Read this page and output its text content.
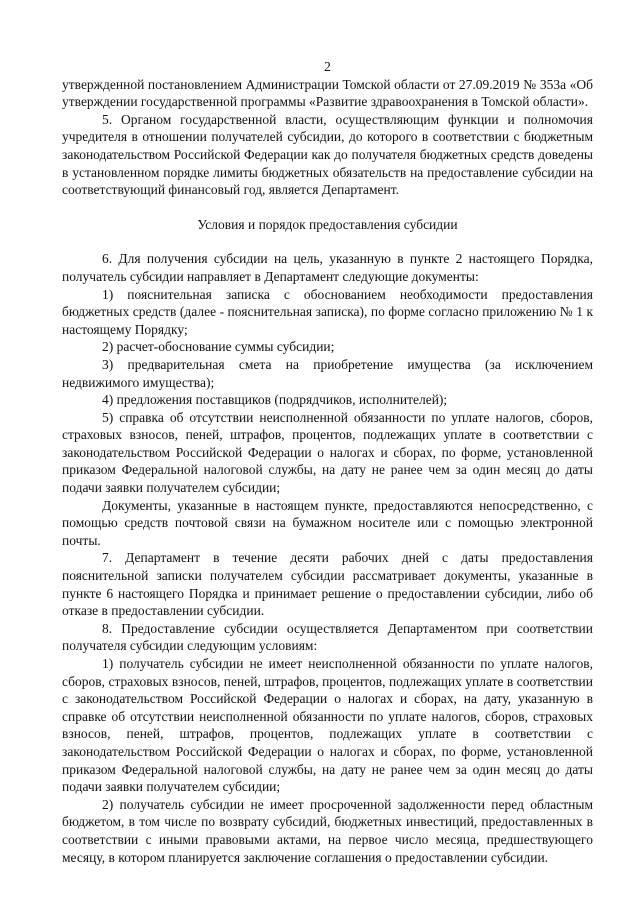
2

утвержденной постановлением Администрации Томской области от 27.09.2019 № 353а «Об утверждении государственной программы «Развитие здравоохранения в Томской области».

5. Органом государственной власти, осуществляющим функции и полномочия учредителя в отношении получателей субсидии, до которого в соответствии с бюджетным законодательством Российской Федерации как до получателя бюджетных средств доведены в установленном порядке лимиты бюджетных обязательств на предоставление субсидии на соответствующий финансовый год, является Департамент.

Условия и порядок предоставления субсидии

6. Для получения субсидии на цель, указанную в пункте 2 настоящего Порядка, получатель субсидии направляет в Департамент следующие документы:

1) пояснительная записка с обоснованием необходимости предоставления бюджетных средств (далее - пояснительная записка), по форме согласно приложению № 1 к настоящему Порядку;

2) расчет-обоснование суммы субсидии;

3) предварительная смета на приобретение имущества (за исключением недвижимого имущества);

4) предложения поставщиков (подрядчиков, исполнителей);

5) справка об отсутствии неисполненной обязанности по уплате налогов, сборов, страховых взносов, пеней, штрафов, процентов, подлежащих уплате в соответствии с законодательством Российской Федерации о налогах и сборах, по форме, установленной приказом Федеральной налоговой службы, на дату не ранее чем за один месяц до даты подачи заявки получателем субсидии;

Документы, указанные в настоящем пункте, предоставляются непосредственно, с помощью средств почтовой связи на бумажном носителе или с помощью электронной почты.

7. Департамент в течение десяти рабочих дней с даты предоставления пояснительной записки получателем субсидии рассматривает документы, указанные в пункте 6 настоящего Порядка и принимает решение о предоставлении субсидии, либо об отказе в предоставлении субсидии.

8. Предоставление субсидии осуществляется Департаментом при соответствии получателя субсидии следующим условиям:

1) получатель субсидии не имеет неисполненной обязанности по уплате налогов, сборов, страховых взносов, пеней, штрафов, процентов, подлежащих уплате в соответствии с законодательством Российской Федерации о налогах и сборах, на дату, указанную в справке об отсутствии неисполненной обязанности по уплате налогов, сборов, страховых взносов, пеней, штрафов, процентов, подлежащих уплате в соответствии с законодательством Российской Федерации о налогах и сборах, по форме, установленной приказом Федеральной налоговой службы, на дату не ранее чем за один месяц до даты подачи заявки получателем субсидии;

2) получатель субсидии не имеет просроченной задолженности перед областным бюджетом, в том числе по возврату субсидий, бюджетных инвестиций, предоставленных в соответствии с иными правовыми актами, на первое число месяца, предшествующего месяцу, в котором планируется заключение соглашения о предоставлении субсидии.
